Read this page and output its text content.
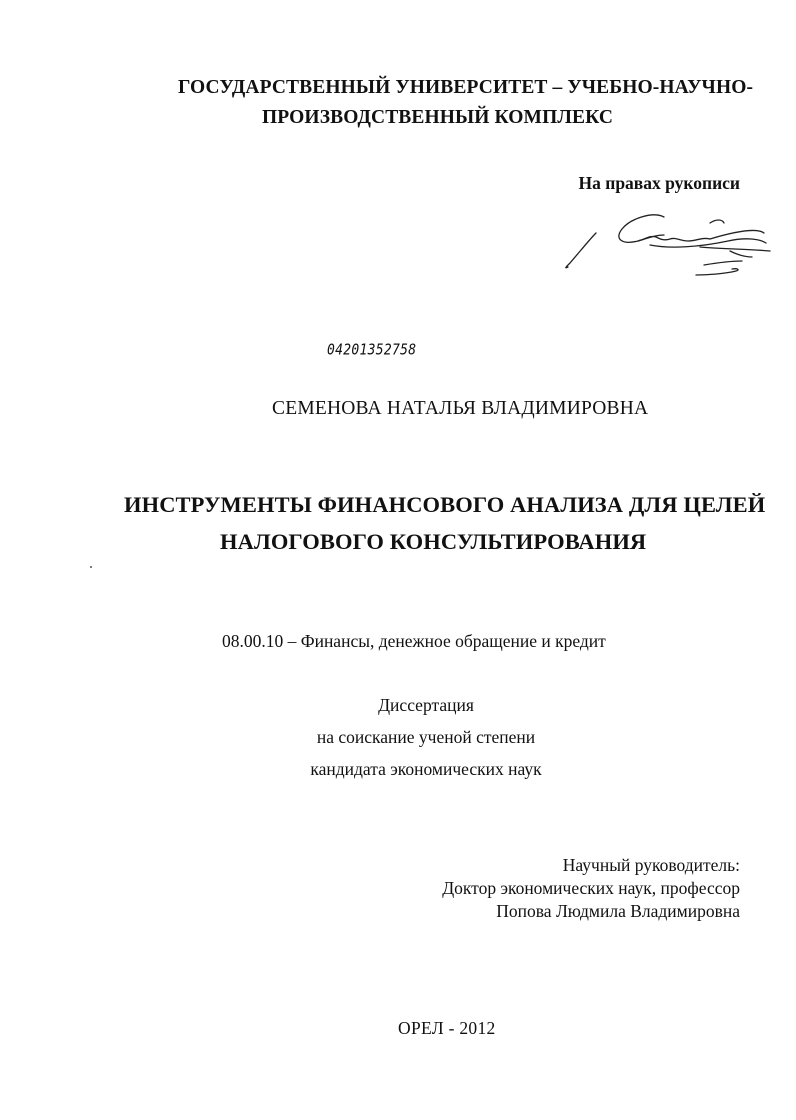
ГОСУДАРСТВЕННЫЙ УНИВЕРСИТЕТ – УЧЕБНО-НАУЧНО-
ПРОИЗВОДСТВЕННЫЙ КОМПЛЕКС
На правах рукописи
04201352758
СЕМЕНОВА НАТАЛЬЯ ВЛАДИМИРОВНА
ИНСТРУМЕНТЫ ФИНАНСОВОГО АНАЛИЗА ДЛЯ ЦЕЛЕЙ
НАЛОГОВОГО КОНСУЛЬТИРОВАНИЯ
08.00.10 – Финансы, денежное обращение и кредит
Диссертация
на соискание ученой степени
кандидата экономических наук
Научный руководитель:
Доктор экономических наук, профессор
Попова Людмила Владимировна
ОРЕЛ - 2012
